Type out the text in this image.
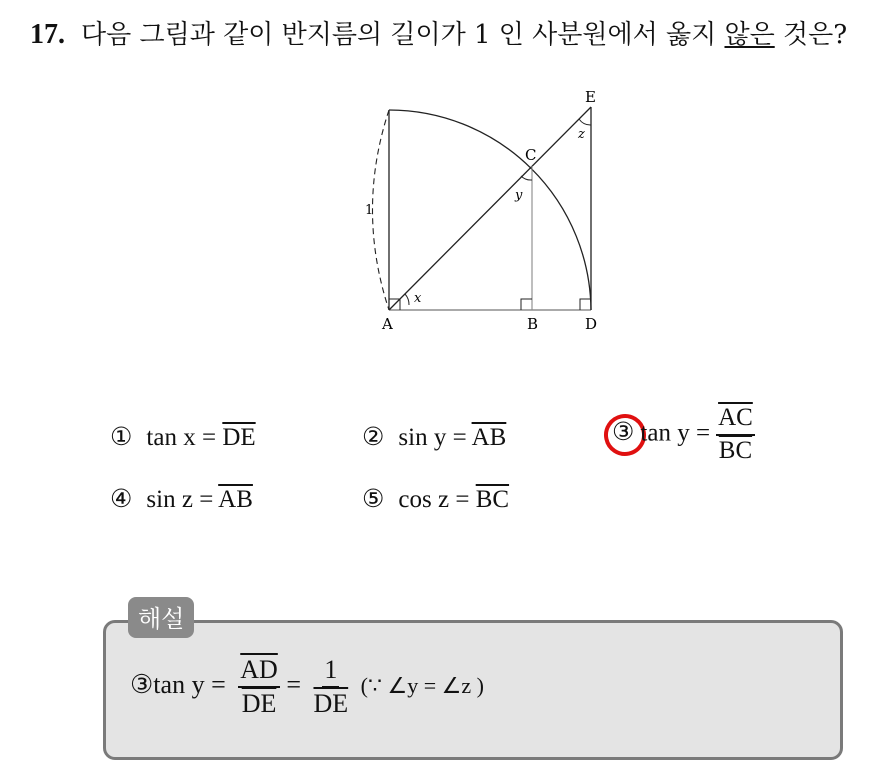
17. 다음 그림과 같이 반지름의 길이가 1 인 사분원에서 옳지 않은 것은?
A	B
C
D
E
x
y
z
1
① $\tan x = \overline{DE}$	② $\sin y = \overline{AB}$	③ $\tan y = \frac{\overline{AC}}{BC}$
④ $\sin z = \overline{AB}$	⑤ $\cos z = \overline{BC}$
해설
③tan $y = \frac{\overline{AD}}{DE} = \frac{1}{DE}$ (∵ ∠y = ∠z )
